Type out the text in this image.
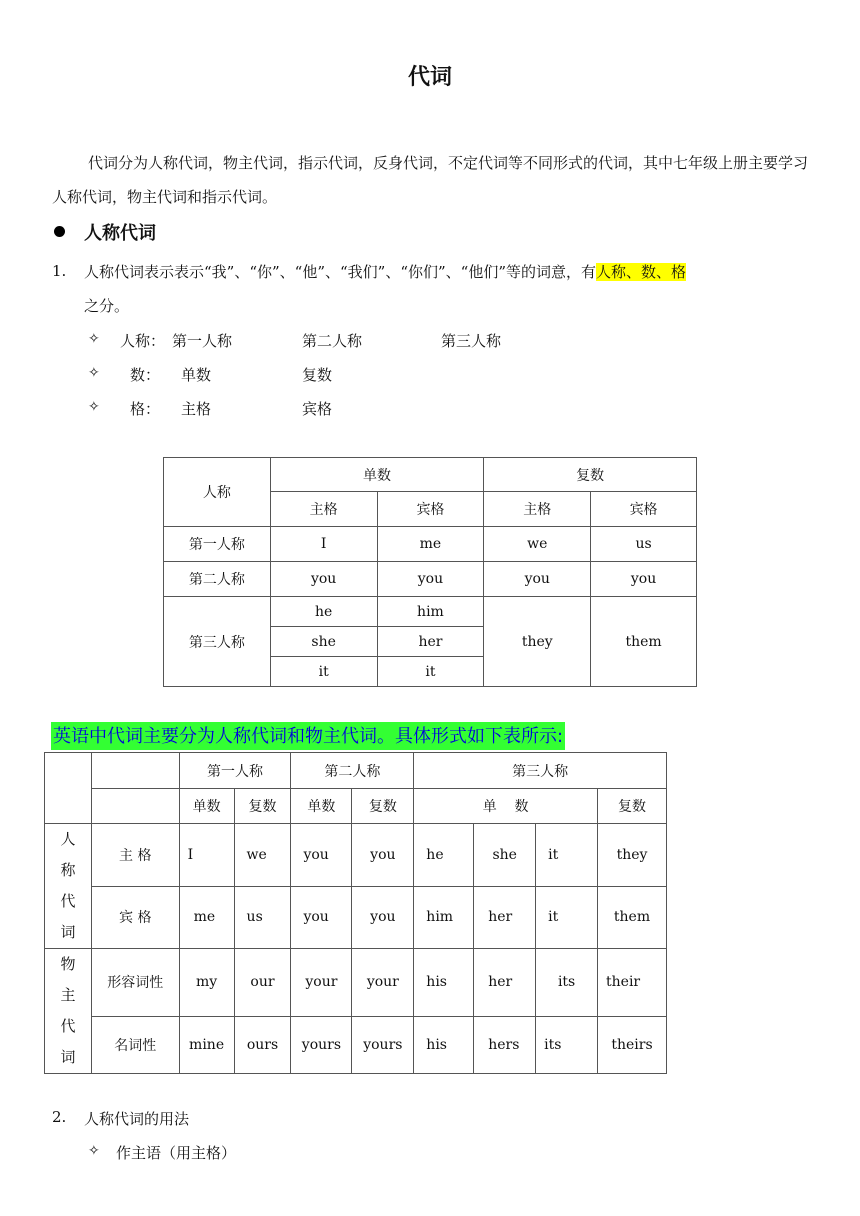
代词
代词分为人称代词，物主代词，指示代词，反身代词，不定代词等不同形式的代词，其中七年级上册主要学习人称代词，物主代词和指示代词。
人称代词
1. 人称代词表示表示“我”、“你”、“他”、“我们”、“你们”、“他们”等的词意，有人称、数、格
之分。
✧ 人称： 第一人称	第二人称	第三人称
✧ 数： 单数	复数
✧ 格： 主格	宾格
人称	单数		复数	
	主格	宾格	主格	宾格
第一人称	I	me	we	us
第二人称	you	you	you	you
第三人称	he	him	they	them
	she	her		
	it	it		
英语中代词主要分为人称代词和物主代词。具体形式如下表所示:
		第一人称		第二人称		第三人称			
		单数	复数	单数	复数	单    数			复数

人
称
代
词	主 格	I	we	you	you	he	she	it	they
	宾 格	me	us	you	you	him	her	it	them

物
主
代
词	形容词性	my	our	your	your	his	her	its	their
	名词性	mine	ours	yours	yours	his	hers	its	theirs
2. 人称代词的用法
✧ 作主语（用主格）
